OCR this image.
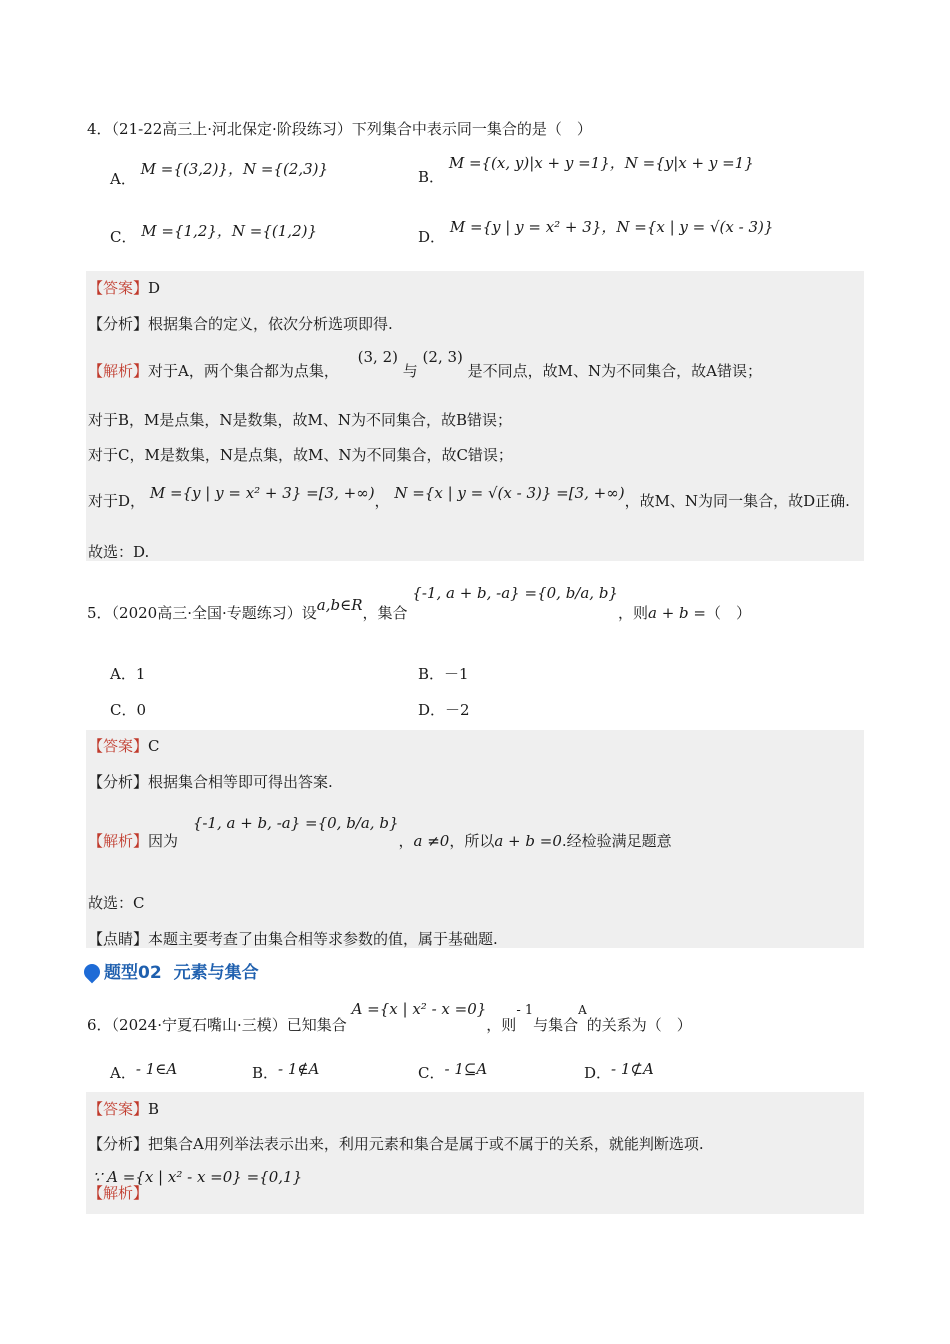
4．（21-22高三上·河北保定·阶段练习）下列集合中表示同一集合的是（　）
A． M ={(3,2)}，N ={(2,3)}	B． M ={(x, y)|x + y =1}，N ={y|x + y =1}
C． M ={1,2}，N ={(1,2)}	D． M ={y | y = x² + 3}，N ={x | y = √(x - 3)}
【答案】D
【分析】根据集合的定义，依次分析选项即得.
【解析】对于A，两个集合都为点集， (3, 2) 与 (2, 3) 是不同点，故M、N为不同集合，故A错误；
对于B，M是点集，N是数集，故M、N为不同集合，故B错误；
对于C，M是数集，N是点集，故M、N为不同集合，故C错误；
对于D， M ={y | y = x² + 3} =[3, +∞)， N ={x | y = √(x - 3)} =[3, +∞)，故M、N为同一集合，故D正确.
故选：D.
5．（2020高三·全国·专题练习）设a,b∈R，集合 {-1, a + b, -a} ={0, b/a, b}，则a + b =（　）
A．1	B．－1
C．0	D．－2
【答案】C
【分析】根据集合相等即可得出答案.
【解析】因为 {-1, a + b, -a} ={0, b/a, b}，a ≠0，所以a + b =0.经检验满足题意
故选：C
【点睛】本题主要考查了由集合相等求参数的值，属于基础题.
题型02 元素与集合
6．（2024·宁夏石嘴山·三模）已知集合 A ={x | x² - x =0}，则- 1与集合A的关系为（　）
A．- 1∈A	B．- 1∉A	C．- 1⊆A	D．- 1⊄A
【答案】B
【分析】把集合A用列举法表示出来，利用元素和集合是属于或不属于的关系，就能判断选项.
【解析】 ∵ A ={x | x² - x =0} ={0,1}
